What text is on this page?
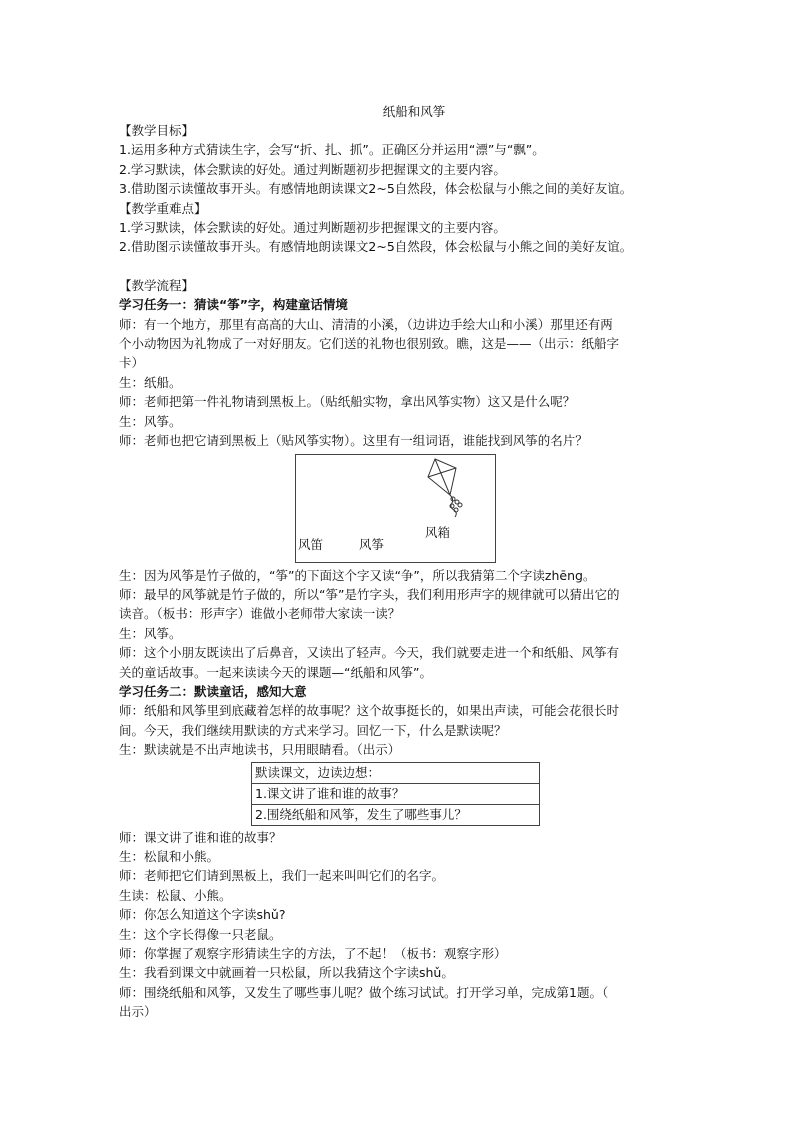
纸船和风筝

【教学目标】

1.运用多种方式猜读生字，会写“折、扎、抓”。正确区分并运用“漂”与“飘”。

2.学习默读，体会默读的好处。通过判断题初步把握课文的主要内容。

3.借助图示读懂故事开头。有感情地朗读课文2~5自然段，体会松鼠与小熊之间的美好友谊。

【教学重难点】

1.学习默读，体会默读的好处。通过判断题初步把握课文的主要内容。

2.借助图示读懂故事开头。有感情地朗读课文2~5自然段，体会松鼠与小熊之间的美好友谊。

【教学流程】

学习任务一：猜读“筝”字，构建童话情境

师：有一个地方，那里有高高的大山、清清的小溪，（边讲边手绘大山和小溪）那里还有两

个小动物因为礼物成了一对好朋友。它们送的礼物也很别致。瞧，这是——（出示：纸船字

卡）

生：纸船。

师：老师把第一件礼物请到黑板上。（贴纸船实物，拿出风筝实物）这又是什么呢？

生：风筝。

师：老师也把它请到黑板上（贴风筝实物）。这里有一组词语，谁能找到风筝的名片？

风笛	风筝
风箱

生：因为风筝是竹子做的，“筝”的下面这个字又读“争”，所以我猜第二个字读zhēng。

师：最早的风筝就是竹子做的，所以“筝”是竹字头，我们利用形声字的规律就可以猜出它的

读音。（板书：形声字）谁做小老师带大家读一读？

生：风筝。

师：这个小朋友既读出了后鼻音，又读出了轻声。今天，我们就要走进一个和纸船、风筝有

关的童话故事。一起来读读今天的课题—“纸船和风筝”。

学习任务二：默读童话，感知大意

师：纸船和风筝里到底藏着怎样的故事呢？这个故事挺长的，如果出声读，可能会花很长时

间。今天，我们继续用默读的方式来学习。回忆一下，什么是默读呢？

生：默读就是不出声地读书，只用眼睛看。（出示）

默读课文，边读边想：

1.课文讲了谁和谁的故事？

2.围绕纸船和风筝，发生了哪些事儿？

师：课文讲了谁和谁的故事？

生：松鼠和小熊。

师：老师把它们请到黑板上，我们一起来叫叫它们的名字。

生读：松鼠、小熊。

师：你怎么知道这个字读shǔ?

生：这个字长得像一只老鼠。

师：你掌握了观察字形猜读生字的方法，了不起！（板书：观察字形）

生：我看到课文中就画着一只松鼠，所以我猜这个字读shǔ。

师：围绕纸船和风筝，又发生了哪些事儿呢？做个练习试试。打开学习单，完成第1题。（

出示）
